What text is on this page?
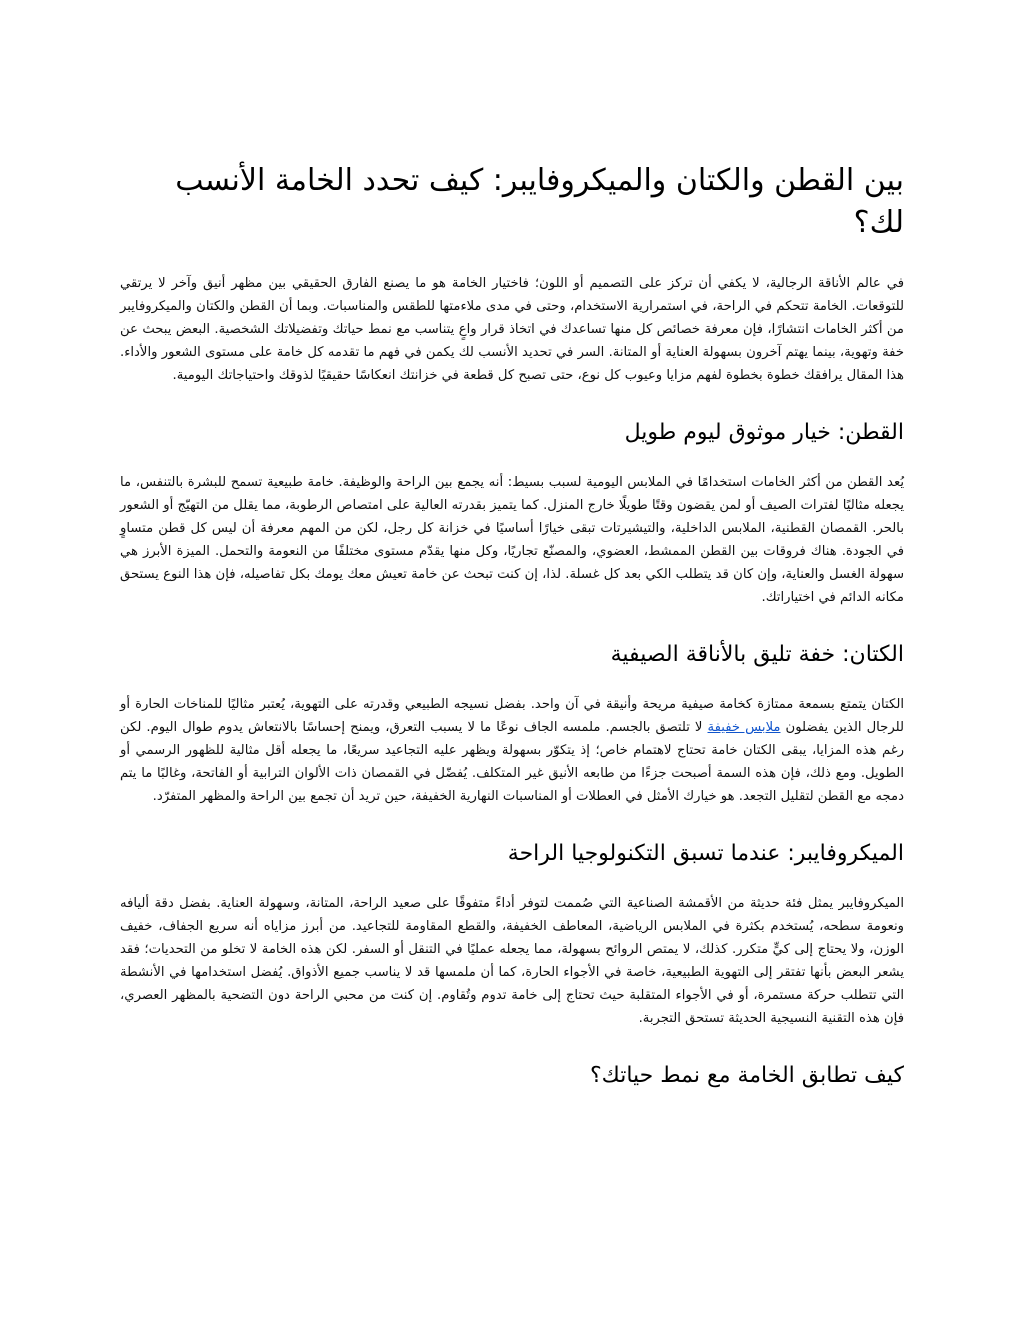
بين القطن والكتان والميكروفايبر: كيف تحدد الخامة الأنسب لك؟

في عالم الأناقة الرجالية، لا يكفي أن تركز على التصميم أو اللون؛ فاختيار الخامة هو ما يصنع الفارق الحقيقي بين مظهر أنيق وآخر لا يرتقي للتوقعات. الخامة تتحكم في الراحة، في استمرارية الاستخدام، وحتى في مدى ملاءمتها للطقس والمناسبات. وبما أن القطن والكتان والميكروفايبر من أكثر الخامات انتشارًا، فإن معرفة خصائص كل منها تساعدك في اتخاذ قرار واعٍ يتناسب مع نمط حياتك وتفضيلاتك الشخصية. البعض يبحث عن خفة وتهوية، بينما يهتم آخرون بسهولة العناية أو المتانة. السر في تحديد الأنسب لك يكمن في فهم ما تقدمه كل خامة على مستوى الشعور والأداء. هذا المقال يرافقك خطوة بخطوة لفهم مزايا وعيوب كل نوع، حتى تصبح كل قطعة في خزانتك انعكاسًا حقيقيًا لذوقك واحتياجاتك اليومية.

القطن: خيار موثوق ليوم طويل

يُعد القطن من أكثر الخامات استخدامًا في الملابس اليومية لسبب بسيط: أنه يجمع بين الراحة والوظيفة. خامة طبيعية تسمح للبشرة بالتنفس، ما يجعله مثاليًا لفترات الصيف أو لمن يقضون وقتًا طويلًا خارج المنزل. كما يتميز بقدرته العالية على امتصاص الرطوبة، مما يقلل من التهيّج أو الشعور بالحر. القمصان القطنية، الملابس الداخلية، والتيشيرتات تبقى خيارًا أساسيًا في خزانة كل رجل، لكن من المهم معرفة أن ليس كل قطن متساوٍ في الجودة. هناك فروقات بين القطن الممشط، العضوي، والمصنّع تجاريًا، وكل منها يقدّم مستوى مختلفًا من النعومة والتحمل. الميزة الأبرز هي سهولة الغسل والعناية، وإن كان قد يتطلب الكي بعد كل غسلة. لذا، إن كنت تبحث عن خامة تعيش معك يومك بكل تفاصيله، فإن هذا النوع يستحق مكانه الدائم في اختياراتك.

الكتان: خفة تليق بالأناقة الصيفية

الكتان يتمتع بسمعة ممتازة كخامة صيفية مريحة وأنيقة في آن واحد. بفضل نسيجه الطبيعي وقدرته على التهوية، يُعتبر مثاليًا للمناخات الحارة أو للرجال الذين يفضلون ملابس خفيفة لا تلتصق بالجسم. ملمسه الجاف نوعًا ما لا يسبب التعرق، ويمنح إحساسًا بالانتعاش يدوم طوال اليوم. لكن رغم هذه المزايا، يبقى الكتان خامة تحتاج لاهتمام خاص؛ إذ يتكوّر بسهولة ويظهر عليه التجاعيد سريعًا، ما يجعله أقل مثالية للظهور الرسمي أو الطويل. ومع ذلك، فإن هذه السمة أصبحت جزءًا من طابعه الأنيق غير المتكلف. يُفضّل في القمصان ذات الألوان الترابية أو الفاتحة، وغالبًا ما يتم دمجه مع القطن لتقليل التجعد. هو خيارك الأمثل في العطلات أو المناسبات النهارية الخفيفة، حين تريد أن تجمع بين الراحة والمظهر المتفرّد.

الميكروفايبر: عندما تسبق التكنولوجيا الراحة

الميكروفايبر يمثل فئة حديثة من الأقمشة الصناعية التي صُممت لتوفر أداءً متفوقًا على صعيد الراحة، المتانة، وسهولة العناية. بفضل دقة أليافه ونعومة سطحه، يُستخدم بكثرة في الملابس الرياضية، المعاطف الخفيفة، والقطع المقاومة للتجاعيد. من أبرز مزاياه أنه سريع الجفاف، خفيف الوزن، ولا يحتاج إلى كيٍّ متكرر. كذلك، لا يمتص الروائح بسهولة، مما يجعله عمليًا في التنقل أو السفر. لكن هذه الخامة لا تخلو من التحديات؛ فقد يشعر البعض بأنها تفتقر إلى التهوية الطبيعية، خاصة في الأجواء الحارة، كما أن ملمسها قد لا يناسب جميع الأذواق. يُفضل استخدامها في الأنشطة التي تتطلب حركة مستمرة، أو في الأجواء المتقلبة حيث تحتاج إلى خامة تدوم وتُقاوم. إن كنت من محبي الراحة دون التضحية بالمظهر العصري، فإن هذه التقنية النسيجية الحديثة تستحق التجربة.

كيف تطابق الخامة مع نمط حياتك؟
